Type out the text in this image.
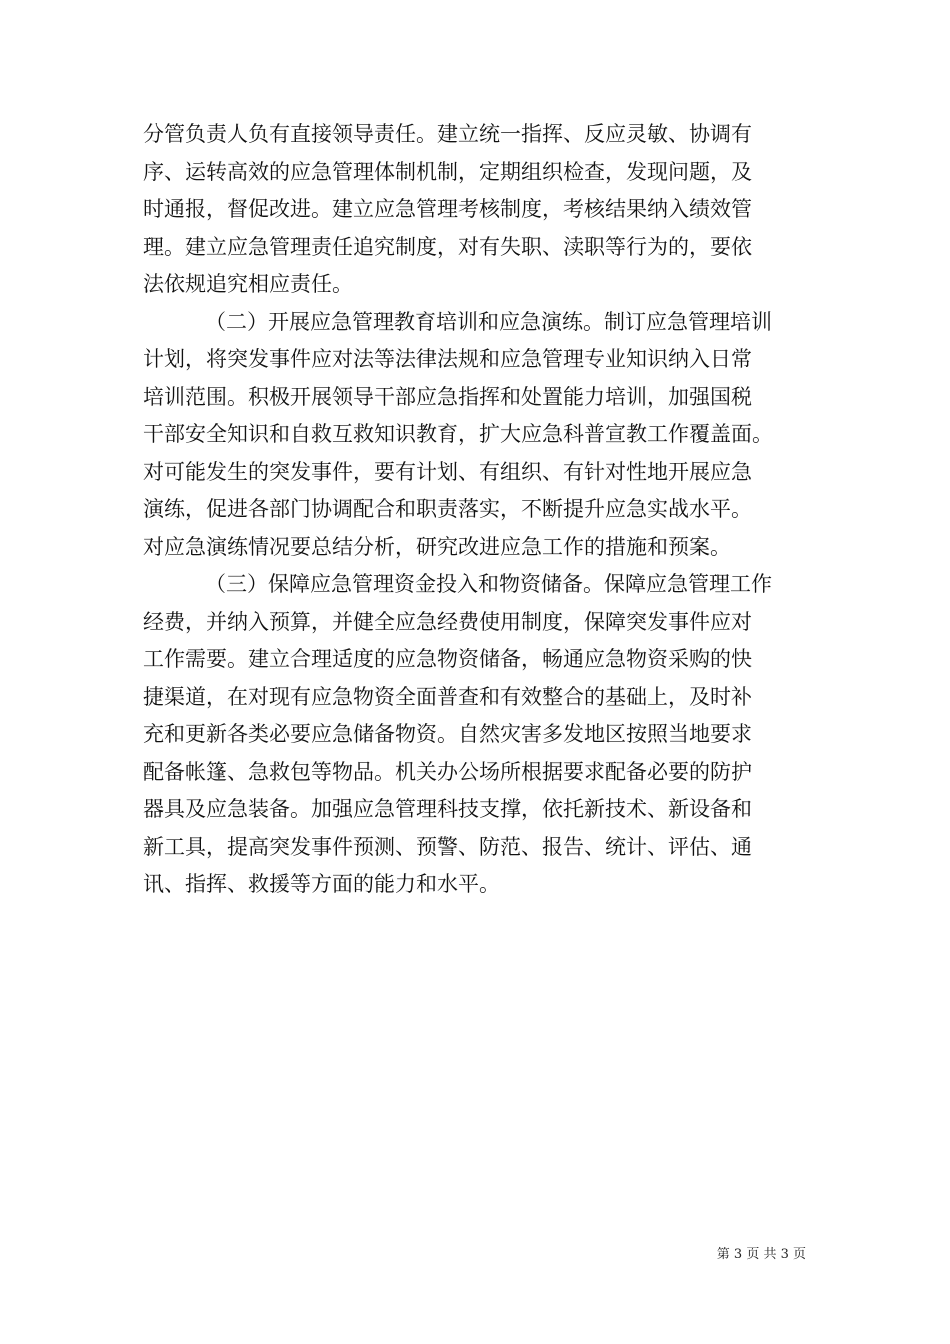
分管负责人负有直接领导责任。建立统一指挥、反应灵敏、协调有
序、运转高效的应急管理体制机制，定期组织检查，发现问题，及
时通报，督促改进。建立应急管理考核制度，考核结果纳入绩效管
理。建立应急管理责任追究制度，对有失职、渎职等行为的，要依
法依规追究相应责任。

（二）开展应急管理教育培训和应急演练。制订应急管理培训
计划，将突发事件应对法等法律法规和应急管理专业知识纳入日常
培训范围。积极开展领导干部应急指挥和处置能力培训，加强国税
干部安全知识和自救互救知识教育，扩大应急科普宣教工作覆盖面。
对可能发生的突发事件，要有计划、有组织、有针对性地开展应急
演练，促进各部门协调配合和职责落实，不断提升应急实战水平。
对应急演练情况要总结分析，研究改进应急工作的措施和预案。

（三）保障应急管理资金投入和物资储备。保障应急管理工作
经费，并纳入预算，并健全应急经费使用制度，保障突发事件应对
工作需要。建立合理适度的应急物资储备，畅通应急物资采购的快
捷渠道，在对现有应急物资全面普查和有效整合的基础上，及时补
充和更新各类必要应急储备物资。自然灾害多发地区按照当地要求
配备帐篷、急救包等物品。机关办公场所根据要求配备必要的防护
器具及应急装备。加强应急管理科技支撑，依托新技术、新设备和
新工具，提高突发事件预测、预警、防范、报告、统计、评估、通
讯、指挥、救援等方面的能力和水平。

第 3 页 共 3 页
